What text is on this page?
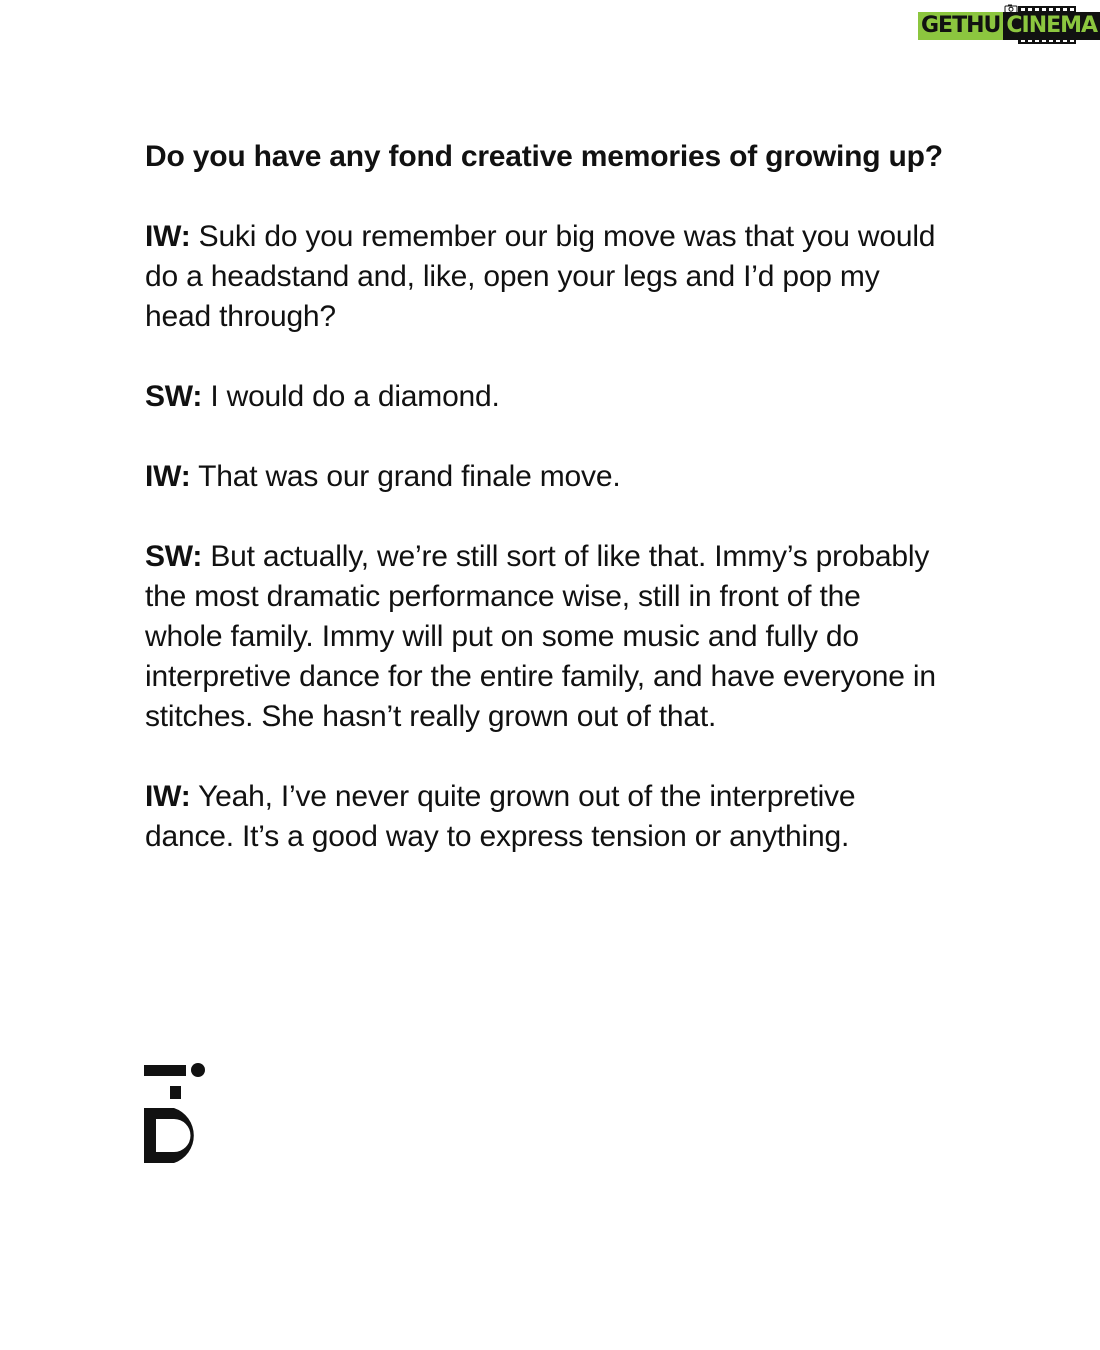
GETHU CINEMA

Do you have any fond creative memories of growing up?

IW: Suki do you remember our big move was that you would do a headstand and, like, open your legs and I’d pop my head through?

SW: I would do a diamond.

IW: That was our grand finale move.

SW: But actually, we’re still sort of like that. Immy’s probably the most dramatic performance wise, still in front of the whole family. Immy will put on some music and fully do interpretive dance for the entire family, and have everyone in stitches. She hasn’t really grown out of that.

IW: Yeah, I’ve never quite grown out of the interpretive dance. It’s a good way to express tension or anything.
